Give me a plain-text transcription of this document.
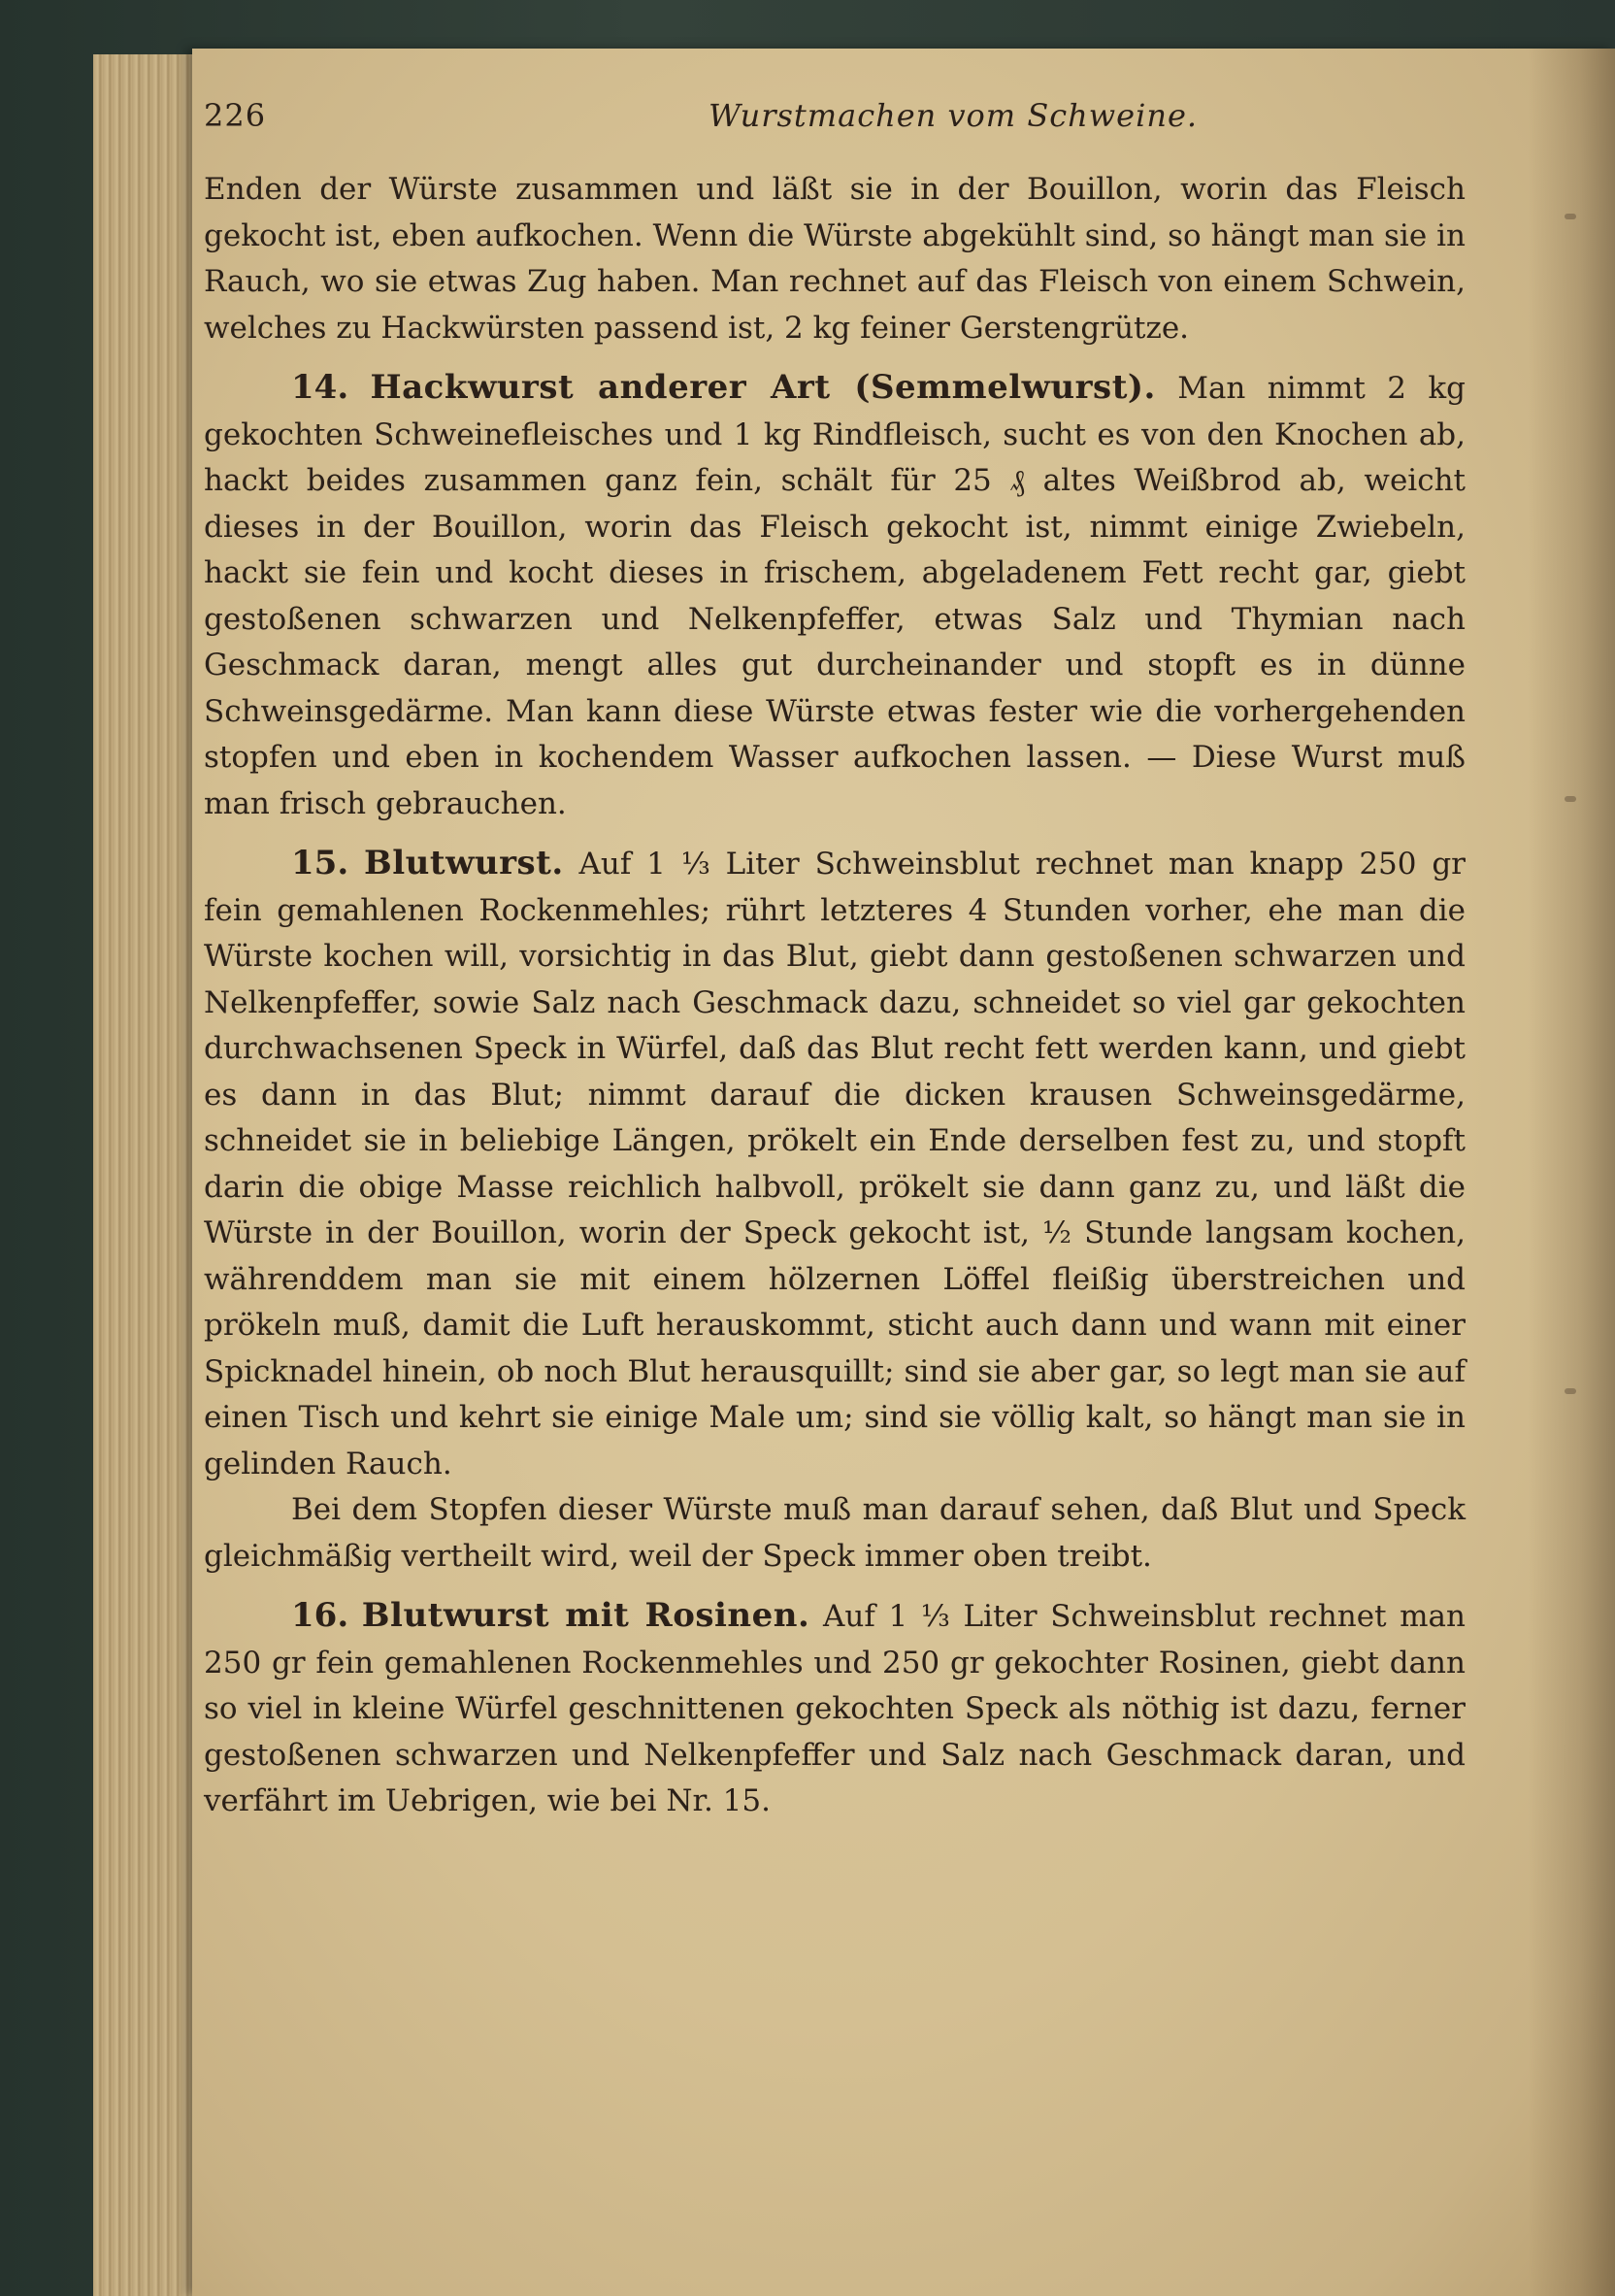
226	Wurstmachen vom Schweine.

Enden der Würste zusammen und läßt sie in der Bouillon, worin das Fleisch gekocht ist, eben aufkochen. Wenn die Würste abgekühlt sind, so hängt man sie in Rauch, wo sie etwas Zug haben. Man rechnet auf das Fleisch von einem Schwein, welches zu Hackwürsten passend ist, 2 kg feiner Gerstengrütze.

14. Hackwurst anderer Art (Semmelwurst). Man nimmt 2 kg gekochten Schweinefleisches und 1 kg Rindfleisch, sucht es von den Knochen ab, hackt beides zusammen ganz fein, schält für 25 ₰ altes Weißbrod ab, weicht dieses in der Bouillon, worin das Fleisch gekocht ist, nimmt einige Zwiebeln, hackt sie fein und kocht dieses in frischem, abgeladenem Fett recht gar, giebt gestoßenen schwarzen und Nelkenpfeffer, etwas Salz und Thymian nach Geschmack daran, mengt alles gut durcheinander und stopft es in dünne Schweinsgedärme. Man kann diese Würste etwas fester wie die vorhergehenden stopfen und eben in kochendem Wasser aufkochen lassen. — Diese Wurst muß man frisch gebrauchen.

15. Blutwurst. Auf 1 ⅓ Liter Schweinsblut rechnet man knapp 250 gr fein gemahlenen Rockenmehles; rührt letzteres 4 Stunden vorher, ehe man die Würste kochen will, vorsichtig in das Blut, giebt dann gestoßenen schwarzen und Nelkenpfeffer, sowie Salz nach Geschmack dazu, schneidet so viel gar gekochten durchwachsenen Speck in Würfel, daß das Blut recht fett werden kann, und giebt es dann in das Blut; nimmt darauf die dicken krausen Schweinsgedärme, schneidet sie in beliebige Längen, prökelt ein Ende derselben fest zu, und stopft darin die obige Masse reichlich halbvoll, prökelt sie dann ganz zu, und läßt die Würste in der Bouillon, worin der Speck gekocht ist, ½ Stunde langsam kochen, währenddem man sie mit einem hölzernen Löffel fleißig überstreichen und prökeln muß, damit die Luft herauskommt, sticht auch dann und wann mit einer Spicknadel hinein, ob noch Blut herausquillt; sind sie aber gar, so legt man sie auf einen Tisch und kehrt sie einige Male um; sind sie völlig kalt, so hängt man sie in gelinden Rauch.

Bei dem Stopfen dieser Würste muß man darauf sehen, daß Blut und Speck gleichmäßig vertheilt wird, weil der Speck immer oben treibt.

16. Blutwurst mit Rosinen. Auf 1 ⅓ Liter Schweinsblut rechnet man 250 gr fein gemahlenen Rockenmehles und 250 gr gekochter Rosinen, giebt dann so viel in kleine Würfel geschnittenen gekochten Speck als nöthig ist dazu, ferner gestoßenen schwarzen und Nelkenpfeffer und Salz nach Geschmack daran, und verfährt im Uebrigen, wie bei Nr. 15.
